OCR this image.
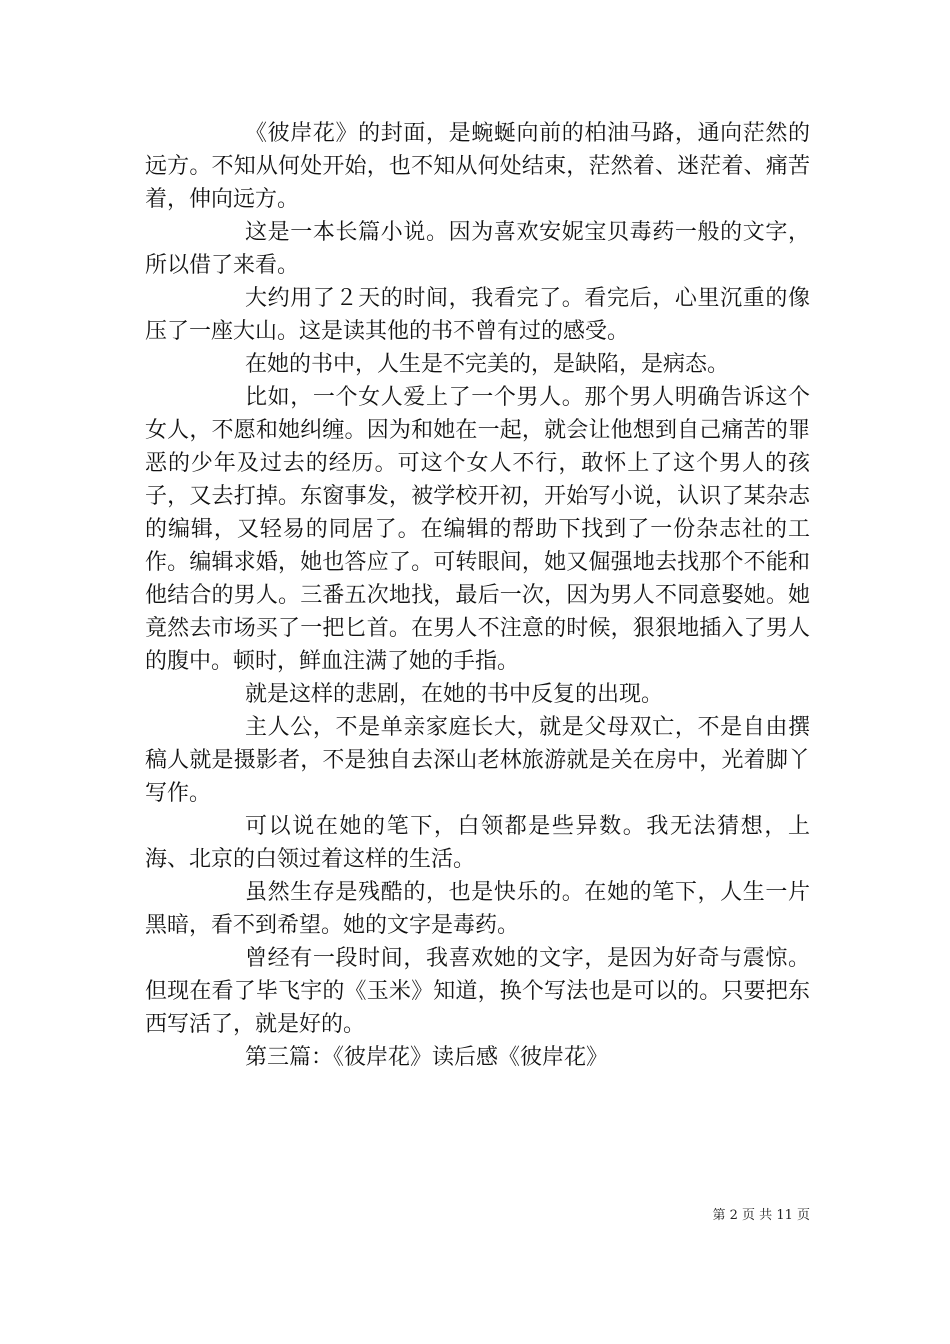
《彼岸花》的封面，是蜿蜒向前的柏油马路，通向茫然的远方。不知从何处开始，也不知从何处结束，茫然着、迷茫着、痛苦着，伸向远方。

这是一本长篇小说。因为喜欢安妮宝贝毒药一般的文字，所以借了来看。

大约用了２天的时间，我看完了。看完后，心里沉重的像压了一座大山。这是读其他的书不曾有过的感受。

在她的书中，人生是不完美的，是缺陷，是病态。

比如，一个女人爱上了一个男人。那个男人明确告诉这个女人，不愿和她纠缠。因为和她在一起，就会让他想到自己痛苦的罪恶的少年及过去的经历。可这个女人不行，敢怀上了这个男人的孩子，又去打掉。东窗事发，被学校开初，开始写小说，认识了某杂志的编辑，又轻易的同居了。在编辑的帮助下找到了一份杂志社的工作。编辑求婚，她也答应了。可转眼间，她又倔强地去找那个不能和他结合的男人。三番五次地找，最后一次，因为男人不同意娶她。她竟然去市场买了一把匕首。在男人不注意的时候，狠狠地插入了男人的腹中。顿时，鲜血注满了她的手指。

就是这样的悲剧，在她的书中反复的出现。

主人公，不是单亲家庭长大，就是父母双亡，不是自由撰稿人就是摄影者，不是独自去深山老林旅游就是关在房中，光着脚丫写作。

可以说在她的笔下，白领都是些异数。我无法猜想，上海、北京的白领过着这样的生活。

虽然生存是残酷的，也是快乐的。在她的笔下，人生一片黑暗，看不到希望。她的文字是毒药。

曾经有一段时间，我喜欢她的文字，是因为好奇与震惊。但现在看了毕飞宇的《玉米》知道，换个写法也是可以的。只要把东西写活了，就是好的。

第三篇：《彼岸花》读后感《彼岸花》

第 2 页 共 11 页
